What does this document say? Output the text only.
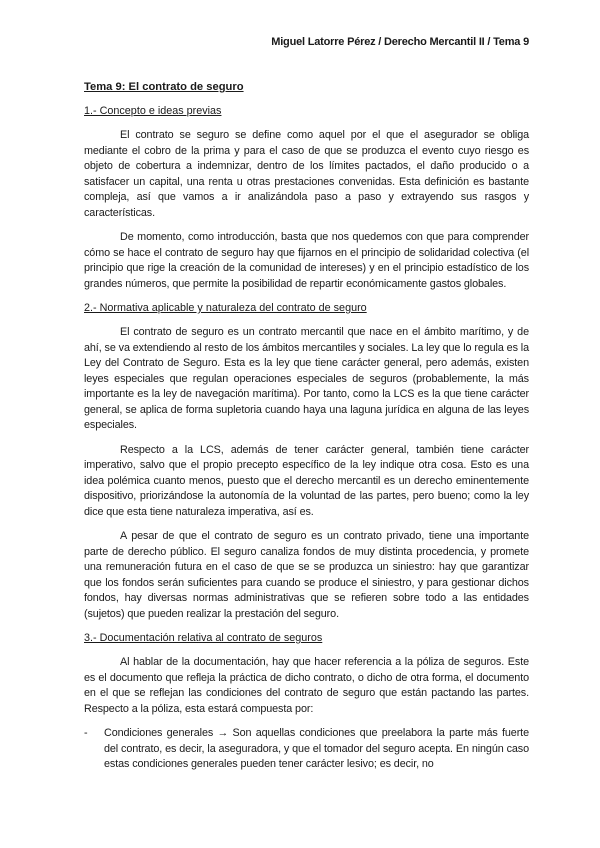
Miguel Latorre Pérez / Derecho Mercantil II / Tema 9
Tema 9: El contrato de seguro
1.- Concepto e ideas previas

El contrato se seguro se define como aquel por el que el asegurador se obliga mediante el cobro de la prima y para el caso de que se produzca el evento cuyo riesgo es objeto de cobertura a indemnizar, dentro de los límites pactados, el daño producido o a satisfacer un capital, una renta u otras prestaciones convenidas. Esta definición es bastante compleja, así que vamos a ir analizándola paso a paso y extrayendo sus rasgos y características.

De momento, como introducción, basta que nos quedemos con que para comprender cómo se hace el contrato de seguro hay que fijarnos en el principio de solidaridad colectiva (el principio que rige la creación de la comunidad de intereses) y en el principio estadístico de los grandes números, que permite la posibilidad de repartir económicamente gastos globales.

2.- Normativa aplicable y naturaleza del contrato de seguro

El contrato de seguro es un contrato mercantil que nace en el ámbito marítimo, y de ahí, se va extendiendo al resto de los ámbitos mercantiles y sociales. La ley que lo regula es la Ley del Contrato de Seguro. Esta es la ley que tiene carácter general, pero además, existen leyes especiales que regulan operaciones especiales de seguros (probablemente, la más importante es la ley de navegación marítima). Por tanto, como la LCS es la que tiene carácter general, se aplica de forma supletoria cuando haya una laguna jurídica en alguna de las leyes especiales.

Respecto a la LCS, además de tener carácter general, también tiene carácter imperativo, salvo que el propio precepto específico de la ley indique otra cosa. Esto es una idea polémica cuanto menos, puesto que el derecho mercantil es un derecho eminentemente dispositivo, priorizándose la autonomía de la voluntad de las partes, pero bueno; como la ley dice que esta tiene naturaleza imperativa, así es.

A pesar de que el contrato de seguro es un contrato privado, tiene una importante parte de derecho público. El seguro canaliza fondos de muy distinta procedencia, y promete una remuneración futura en el caso de que se se produzca un siniestro: hay que garantizar que los fondos serán suficientes para cuando se produce el siniestro, y para gestionar dichos fondos, hay diversas normas administrativas que se refieren sobre todo a las entidades (sujetos) que pueden realizar la prestación del seguro.

3.- Documentación relativa al contrato de seguros

Al hablar de la documentación, hay que hacer referencia a la póliza de seguros. Este es el documento que refleja la práctica de dicho contrato, o dicho de otra forma, el documento en el que se reflejan las condiciones del contrato de seguro que están pactando las partes. Respecto a la póliza, esta estará compuesta por:

- Condiciones generales → Son aquellas condiciones que preelabora la parte más fuerte del contrato, es decir, la aseguradora, y que el tomador del seguro acepta. En ningún caso estas condiciones generales pueden tener carácter lesivo; es decir, no
